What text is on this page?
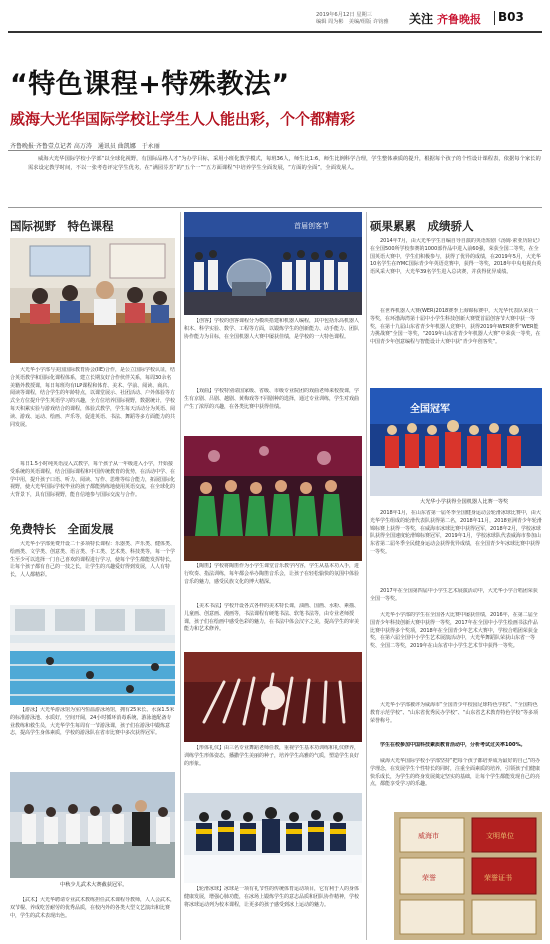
2019年6月12日 星期三
编辑 周为彬　 美编/组版 许钧雅 关注 齐鲁晚报 B03
“特色课程+特殊教法”
威海大光华国际学校让学生人人能出彩，个个都精彩
齐鲁晚报·齐鲁壹点记者 高万涛　通讯员 曲凯娜　于永丽
威海大光华国际学校小学部“以全球化视野，有国际品格人才”为办学目标，采用小班化教学模式，每班36人，师生比1:6，师生比例科学合理，学生整体素质的提升，根据每个孩子的个性设计课程表，依据每个家长的需求设定教学时间，不以一张考卷评定学生优劣，在“满园芬芳”的“五个一”“五方面课程”中培养学生全面发展，“方面的全面”，全面发展人。
国际视野　特色课程
大光华小学部与美国国际教育协会(IIE)合作，是公立国际学校认证，结合英语教学和国际化课程体系，建立长期友好合作伙伴关系，每周30余名美籍外教授课，每日每班均有ILP课程和体育、美术、学前、阅读、商店、阅读等课程，结合学生的年龄特点，以课堂展示、社团活动、户外体验等方式全方位提升学生英语学习的兴趣，全方位培养国际视野，数据统计，学校每天积累实验与游戏结合的课程，体验式教学，学生每天活动分为英语、阅读、游戏、运动、绘画、声乐等，促进英语、书法、舞蹈等多方面能力的共同发展。
每日1.5小时纯英语浸入式教学，每个孩子从一年级进入小学，开始接受系统的英语课程，结合国际课程和中国传统教育的优势，在活动中学、在学中用，提升孩子口语、听力、阅读、写作、思维等综合能力，拓展国际化视野，使大光华国际学校毕业的孩子都能熟练地使用英语交流，在全球化的大背景下，具有国际视野，能自信地参与国际交流与合作。
免费特长　全面发展
大光华小学部免费开设二十多项特长课程：乐器类、声乐类、健体类、绘画类、文学类、创意类、语言类、手工类、艺术类、科技类等，每一个学生至少可以选择一门自己喜欢的课程进行学习，使每个学生都能发挥特长，让每个孩子都有自己的一技之长，让学生的兴趣爱好得到发展，人人有特长，人人都精彩。
【游泳】大光华游泳馆为室内恒温游泳场馆，拥有25米长、水深1.5米的标准游泳池、水质好，空间开阔，24小时循环消毒系统，游泳池配备专业教练和救生员，大光华学生每周有一节游泳课，孩子们在游泳中锻炼意志，提高学生身体素质，学校的游泳队在省市比赛中多次获得冠军。
【武术】大光华聘请专业武术教练担任武术课程导教师，人人会武术，双节棍、养成吃苦耐劳的优秀品质，在校内外的各类大型文艺演出和比赛中，学生的武术表现出色。
首届创客节
【创客】学校的创客课程分为模块搭建和机器人编程，其中包括乐高机器人积木、科学实验、数学、工程等方面，以锻炼学生的创新能力、动手能力、团队协作能力为目标，在全国机器人大赛中屡获佳绩，是学校的一大特色课程。
【戏曲】学校特别请国家级、省级、市级专业院团的戏曲老师来校授课，学生有京剧、吕剧、越剧、黄梅戏等不同剧种的选择，通过专业训练，学生对戏曲产生了浓厚的兴趣，在各类比赛中获得佳绩。
【陶笛】学校将陶笛作为小学生课堂音乐教学内容，学生从基本功入手，进行吹奏、指法训练，每年都会举办陶笛音乐会，让孩子在轻松愉快的氛围中体验音乐的魅力，感受民族文化的博大精深。
【美术书法】学校开设各式各样的美术特长课，油画、国画、水粉、素描、儿童画、创意画、漫画等，书法课程有硬笔书法、软笔书法等，由专业老师授课，孩子们在绘画中感受色彩的魅力，在书法中体会汉字之美，提高学生的审美能力和艺术修养。
【形体礼仪】由三名专业舞蹈老师任教，重视学生基本功训练和礼仪修养，训练学生形体姿态，播撒学生美丽的种子，培养学生高雅的气质，塑造学生良好的形象。
【轮滑冰球】冰球是一项有礼节性的传统体育运动项目，它有利于人的身体健康发展，增强心肺功能，在冰场上锻炼学生的意志品质和团队协作精神，学校将冰球运动列为校本课程，让更多的孩子感受到冰上运动的魅力。
硕果累累　成绩骄人
2014年7月，由大光华学生自编自导自演的英语短剧《汤姆·索亚历险记》在全国500所学校参赛的1000部作品中进入前60强，荣获全国二等奖，在全国英语大赛中，学生们积极参与，获得了优异的成绩，在2019年5月，大光华10名学生在IYMC国际青少年英语竞赛中，获得一等奖，2018年中央电视台英语风采大赛中，大光华39名学生进入总决赛，并获得优异成绩。
在世界机器人大赛(WER)2018赛季上海锦标赛中，大光华代表队荣获一等奖，在环渤海湾第十届中小学生科技创新大赛暨首届创客节大赛中获一等奖，在第十九届山东省青少年机器人竞赛中，获得2019年WER赛季“WER能力挑战赛”全国一等奖，“2019年山东省青少年机器人大赛”中荣获一等奖，在中国青少年创意编程与智能设计大赛中获“青少年创客奖”。
全国冠军
大光华小学获得全国机器人比赛一等奖
2018年1月，在山东省第一届冬季全国健身运动会轮滑冰球比赛中，由大光华学生组成的轮滑代表队获得第二名，2018年11月，2018亚洲青少年轮滑锦标赛上获得一等奖，在威海市冰球比赛中获得冠军，2018年2月，学校冰球队获得全国速度轮滑锦标赛冠军，2019年1月，学校冰球队代表威海市参加山东省第二届冬季全民健身运动会获得优异成绩，在全国青少年冰球比赛中获得一等奖。
2017年在全国第四届中小学生艺术展演活动中，大光华小学合唱团荣获全国一等奖。
大光华小学部的学生在全国各大比赛中屡获佳绩，2016年，在第二届全国青少年科技创新大赛中获得一等奖，2017年在全国中小学生绘画书法作品比赛中获得多个奖项，2018年在全国青少年艺术大赛中，学校合唱团荣获金奖，在第六届全国中小学生艺术展演活动中，大光华舞蹈队荣获山东省一等奖、全国二等奖，2019年在山东省中小学生艺术节中获得一等奖。
大光华小学部被评为威海市“全国青少年校园足球特色学校”、“全国特色教育示范学校”、“山东省优秀民办学校”、“山东省艺术教育特色学校”等多项荣誉称号。
学生在校参加中国科技素质教育活动中，分析考试过关率100%。
威海大光华国际学校小学部坚持“把每个孩子都培养成为最好的自己”的办学理念，在发展学生个性特长的同时，注重全面素质的培养，引领孩子们健康快乐成长，为学生的终身发展奠定坚实的基础，让每个学生都能发现自己的亮点，都能享受学习的乐趣。
威海市	文明单位
荣誉	荣誉证书
中秋少儿武术大赛截获冠军。
